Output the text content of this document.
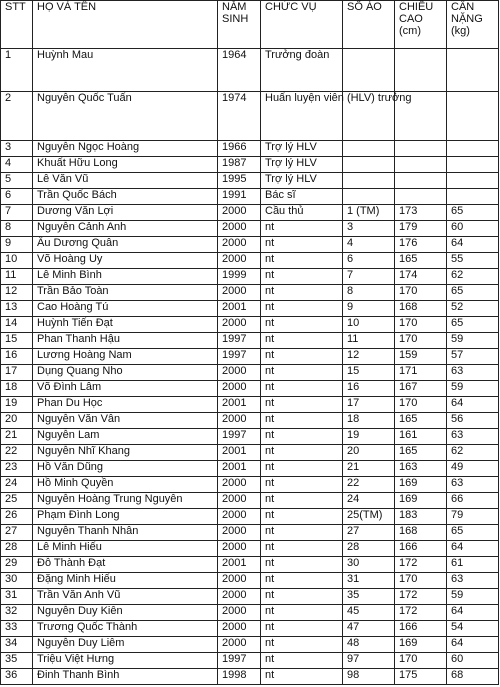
STT	HỌ VÀ TÊN	NĂM SINH	CHỨC VỤ	SỐ ÁO	CHIỀU CAO (cm)	CÂN NẶNG (kg)
1	Huỳnh Mau	1964	Trưởng đoàn			
2	Nguyễn Quốc Tuấn	1974	Huấn luyện viên (HLV) trưởng			
3	Nguyễn Ngọc Hoàng	1966	Trợ lý HLV			
4	Khuất Hữu Long	1987	Trợ lý HLV			
5	Lê Văn Vũ	1995	Trợ lý HLV			
6	Trần Quốc Bách	1991	Bác sĩ			
7	Dương Văn Lợi	2000	Cầu thủ	1 (TM)	173	65
8	Nguyễn Cảnh Anh	2000	nt	3	179	60
9	Âu Dương Quân	2000	nt	4	176	64
10	Võ Hoàng Uy	2000	nt	6	165	55
11	Lê Minh Bình	1999	nt	7	174	62
12	Trần Bảo Toàn	2000	nt	8	170	65
13	Cao Hoàng Tú	2001	nt	9	168	52
14	Huỳnh Tiến Đạt	2000	nt	10	170	65
15	Phan Thanh Hậu	1997	nt	11	170	59
16	Lương Hoàng Nam	1997	nt	12	159	57
17	Dụng Quang Nho	2000	nt	15	171	63
18	Võ Đình Lâm	2000	nt	16	167	59
19	Phan Du Học	2001	nt	17	170	64
20	Nguyễn Văn Vân	2000	nt	18	165	56
21	Nguyễn Lam	1997	nt	19	161	63
22	Nguyễn Nhĩ Khang	2001	nt	20	165	62
23	Hồ Văn Dũng	2001	nt	21	163	49
24	Hồ Minh Quyền	2000	nt	22	169	63
25	Nguyễn Hoàng Trung Nguyên	2000	nt	24	169	66
26	Phạm Đình Long	2000	nt	25(TM)	183	79
27	Nguyễn Thanh Nhân	2000	nt	27	168	65
28	Lê Minh Hiếu	2000	nt	28	166	64
29	Đỗ Thành Đạt	2001	nt	30	172	61
30	Đặng Minh Hiếu	2000	nt	31	170	63
31	Trần Văn Anh Vũ	2000	nt	35	172	59
32	Nguyễn Duy Kiên	2000	nt	45	172	64
33	Trương Quốc Thành	2000	nt	47	166	54
34	Nguyễn Duy Liêm	2000	nt	48	169	64
35	Triệu Việt Hưng	1997	nt	97	170	60
36	Đinh Thanh Bình	1998	nt	98	175	68
